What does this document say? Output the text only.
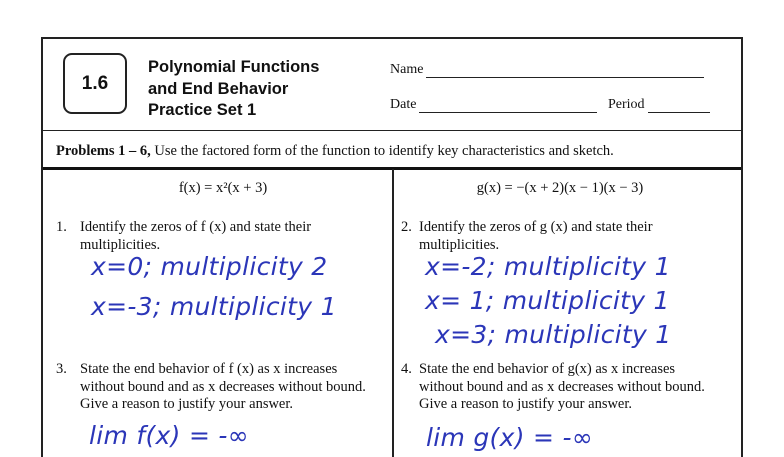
1.6
Polynomial Functions
and End Behavior
Practice Set 1
Name
Date	Period
Problems 1 – 6, Use the factored form of the function to identify key characteristics and sketch.
f(x) = x²(x + 3)
1. Identify the zeros of f (x) and state their multiplicities.
x=0; multiplicity 2
x=-3; multiplicity 1
3. State the end behavior of f (x) as x increases without bound and as x decreases without bound. Give a reason to justify your answer.
lim f(x) = -∞
g(x) = −(x + 2)(x − 1)(x − 3)
2. Identify the zeros of g (x) and state their multiplicities.
x=-2; multiplicity 1
x= 1; multiplicity 1
x=3; multiplicity 1
4. State the end behavior of g(x) as x increases without bound and as x decreases without bound. Give a reason to justify your answer.
lim g(x) = -∞
